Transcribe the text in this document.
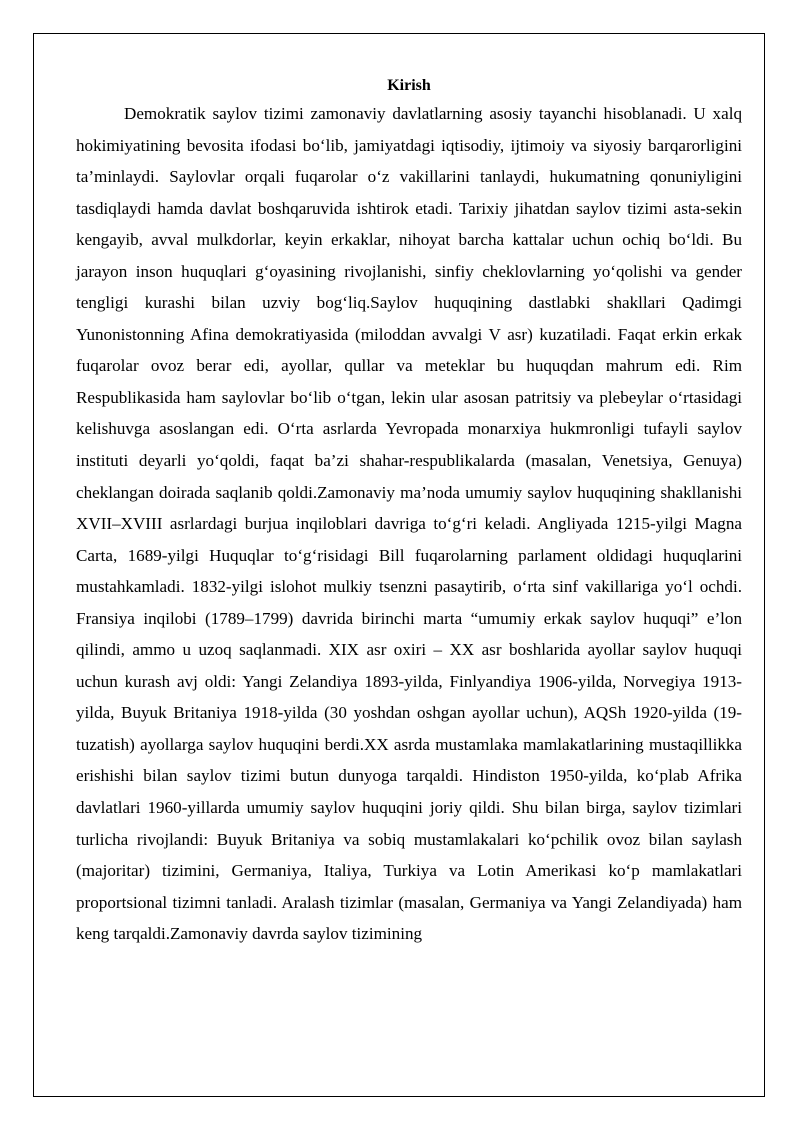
Kirish

Demokratik saylov tizimi zamonaviy davlatlarning asosiy tayanchi hisoblanadi. U xalq hokimiyatining bevosita ifodasi bo‘lib, jamiyatdagi iqtisodiy, ijtimoiy va siyosiy barqarorligini ta’minlaydi. Saylovlar orqali fuqarolar o‘z vakillarini tanlaydi, hukumatning qonuniyligini tasdiqlaydi hamda davlat boshqaruvida ishtirok etadi. Tarixiy jihatdan saylov tizimi asta-sekin kengayib, avval mulkdorlar, keyin erkaklar, nihoyat barcha kattalar uchun ochiq bo‘ldi. Bu jarayon inson huquqlari g‘oyasining rivojlanishi, sinfiy cheklovlarning yo‘qolishi va gender tengligi kurashi bilan uzviy bog‘liq.Saylov huquqining dastlabki shakllari Qadimgi Yunonistonning Afina demokratiyasida (miloddan avvalgi V asr) kuzatiladi. Faqat erkin erkak fuqarolar ovoz berar edi, ayollar, qullar va meteklar bu huquqdan mahrum edi. Rim Respublikasida ham saylovlar bo‘lib o‘tgan, lekin ular asosan patritsiy va plebeylar o‘rtasidagi kelishuvga asoslangan edi. O‘rta asrlarda Yevropada monarxiya hukmronligi tufayli saylov instituti deyarli yo‘qoldi, faqat ba’zi shahar-respublikalarda (masalan, Venetsiya, Genuya) cheklangan doirada saqlanib qoldi.Zamonaviy ma’noda umumiy saylov huquqining shakllanishi XVII–XVIII asrlardagi burjua inqiloblari davriga to‘g‘ri keladi. Angliyada 1215-yilgi Magna Carta, 1689-yilgi Huquqlar to‘g‘risidagi Bill fuqarolarning parlament oldidagi huquqlarini mustahkamladi. 1832-yilgi islohot mulkiy tsenzni pasaytirib, o‘rta sinf vakillariga yo‘l ochdi. Fransiya inqilobi (1789–1799) davrida birinchi marta “umumiy erkak saylov huquqi” e’lon qilindi, ammo u uzoq saqlanmadi. XIX asr oxiri – XX asr boshlarida ayollar saylov huquqi uchun kurash avj oldi: Yangi Zelandiya 1893-yilda, Finlyandiya 1906-yilda, Norvegiya 1913-yilda, Buyuk Britaniya 1918-yilda (30 yoshdan oshgan ayollar uchun), AQSh 1920-yilda (19-tuzatish) ayollarga saylov huquqini berdi.XX asrda mustamlaka mamlakatlarining mustaqillikka erishishi bilan saylov tizimi butun dunyoga tarqaldi. Hindiston 1950-yilda, ko‘plab Afrika davlatlari 1960-yillarda umumiy saylov huquqini joriy qildi. Shu bilan birga, saylov tizimlari turlicha rivojlandi: Buyuk Britaniya va sobiq mustamlakalari ko‘pchilik ovoz bilan saylash (majoritar) tizimini, Germaniya, Italiya, Turkiya va Lotin Amerikasi ko‘p mamlakatlari proportsional tizimni tanladi. Aralash tizimlar (masalan, Germaniya va Yangi Zelandiyada) ham keng tarqaldi.Zamonaviy davrda saylov tizimining
